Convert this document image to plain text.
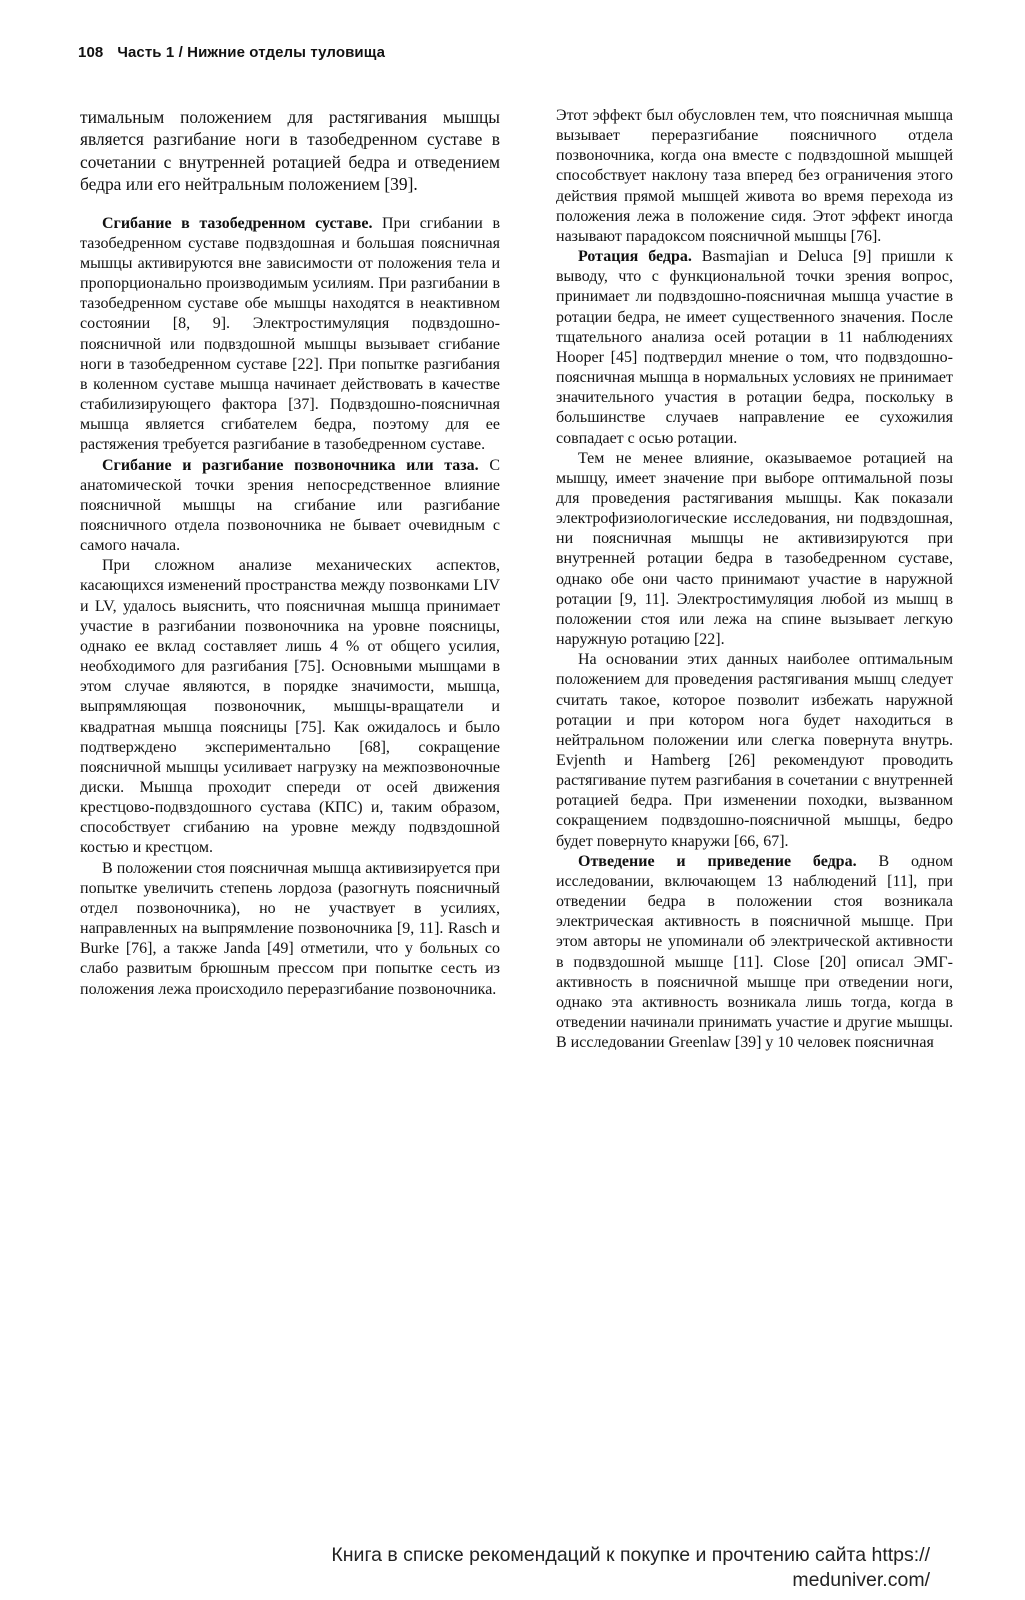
108 Часть 1 / Нижние отделы туловища

тимальным положением для растягивания мышцы является разгибание ноги в тазобедренном суставе в сочетании с внутренней ротацией бедра и отведением бедра или его нейтральным положением [39].

Сгибание в тазобедренном суставе. При сгибании в тазобедренном суставе подвздошная и большая поясничная мышцы активируются вне зависимости от положения тела и пропорционально производимым усилиям. При разгибании в тазобедренном суставе обе мышцы находятся в неактивном состоянии [8, 9]. Электростимуляция подвздошно-поясничной или подвздошной мышцы вызывает сгибание ноги в тазобедренном суставе [22]. При попытке разгибания в коленном суставе мышца начинает действовать в качестве стабилизирующего фактора [37]. Подвздошно-поясничная мышца является сгибателем бедра, поэтому для ее растяжения требуется разгибание в тазобедренном суставе.

Сгибание и разгибание позвоночника или таза. С анатомической точки зрения непосредственное влияние поясничной мышцы на сгибание или разгибание поясничного отдела позвоночника не бывает очевидным с самого начала.

При сложном анализе механических аспектов, касающихся изменений пространства между позвонками LIV и LV, удалось выяснить, что поясничная мышца принимает участие в разгибании позвоночника на уровне поясницы, однако ее вклад составляет лишь 4 % от общего усилия, необходимого для разгибания [75]. Основными мышцами в этом случае являются, в порядке значимости, мышца, выпрямляющая позвоночник, мышцы-вращатели и квадратная мышца поясницы [75]. Как ожидалось и было подтверждено экспериментально [68], сокращение поясничной мышцы усиливает нагрузку на межпозвоночные диски. Мышца проходит спереди от осей движения крестцово-подвздошного сустава (КПС) и, таким образом, способствует сгибанию на уровне между подвздошной костью и крестцом.

В положении стоя поясничная мышца активизируется при попытке увеличить степень лордоза (разогнуть поясничный отдел позвоночника), но не участвует в усилиях, направленных на выпрямление позвоночника [9, 11]. Rasch и Burke [76], а также Janda [49] отметили, что у больных со слабо развитым брюшным прессом при попытке сесть из положения лежа происходило переразгибание позвоночника.

Этот эффект был обусловлен тем, что поясничная мышца вызывает переразгибание поясничного отдела позвоночника, когда она вместе с подвздошной мышцей способствует наклону таза вперед без ограничения этого действия прямой мышцей живота во время перехода из положения лежа в положение сидя. Этот эффект иногда называют парадоксом поясничной мышцы [76].

Ротация бедра. Basmajian и Deluca [9] пришли к выводу, что с функциональной точки зрения вопрос, принимает ли подвздошно-поясничная мышца участие в ротации бедра, не имеет существенного значения. После тщательного анализа осей ротации в 11 наблюдениях Hooper [45] подтвердил мнение о том, что подвздошно-поясничная мышца в нормальных условиях не принимает значительного участия в ротации бедра, поскольку в большинстве случаев направление ее сухожилия совпадает с осью ротации.

Тем не менее влияние, оказываемое ротацией на мышцу, имеет значение при выборе оптимальной позы для проведения растягивания мышцы. Как показали электрофизиологические исследования, ни подвздошная, ни поясничная мышцы не активизируются при внутренней ротации бедра в тазобедренном суставе, однако обе они часто принимают участие в наружной ротации [9, 11]. Электростимуляция любой из мышц в положении стоя или лежа на спине вызывает легкую наружную ротацию [22].

На основании этих данных наиболее оптимальным положением для проведения растягивания мышц следует считать такое, которое позволит избежать наружной ротации и при котором нога будет находиться в нейтральном положении или слегка повернута внутрь. Evjenth и Hamberg [26] рекомендуют проводить растягивание путем разгибания в сочетании с внутренней ротацией бедра. При изменении походки, вызванном сокращением подвздошно-поясничной мышцы, бедро будет повернуто кнаружи [66, 67].

Отведение и приведение бедра. В одном исследовании, включающем 13 наблюдений [11], при отведении бедра в положении стоя возникала электрическая активность в поясничной мышце. При этом авторы не упоминали об электрической активности в подвздошной мышце [11]. Close [20] описал ЭМГ-активность в поясничной мышце при отведении ноги, однако эта активность возникала лишь тогда, когда в отведении начинали принимать участие и другие мышцы. В исследовании Greenlaw [39] у 10 человек поясничная

Книга в списке рекомендаций к покупке и прочтению сайта https://
meduniver.com/
